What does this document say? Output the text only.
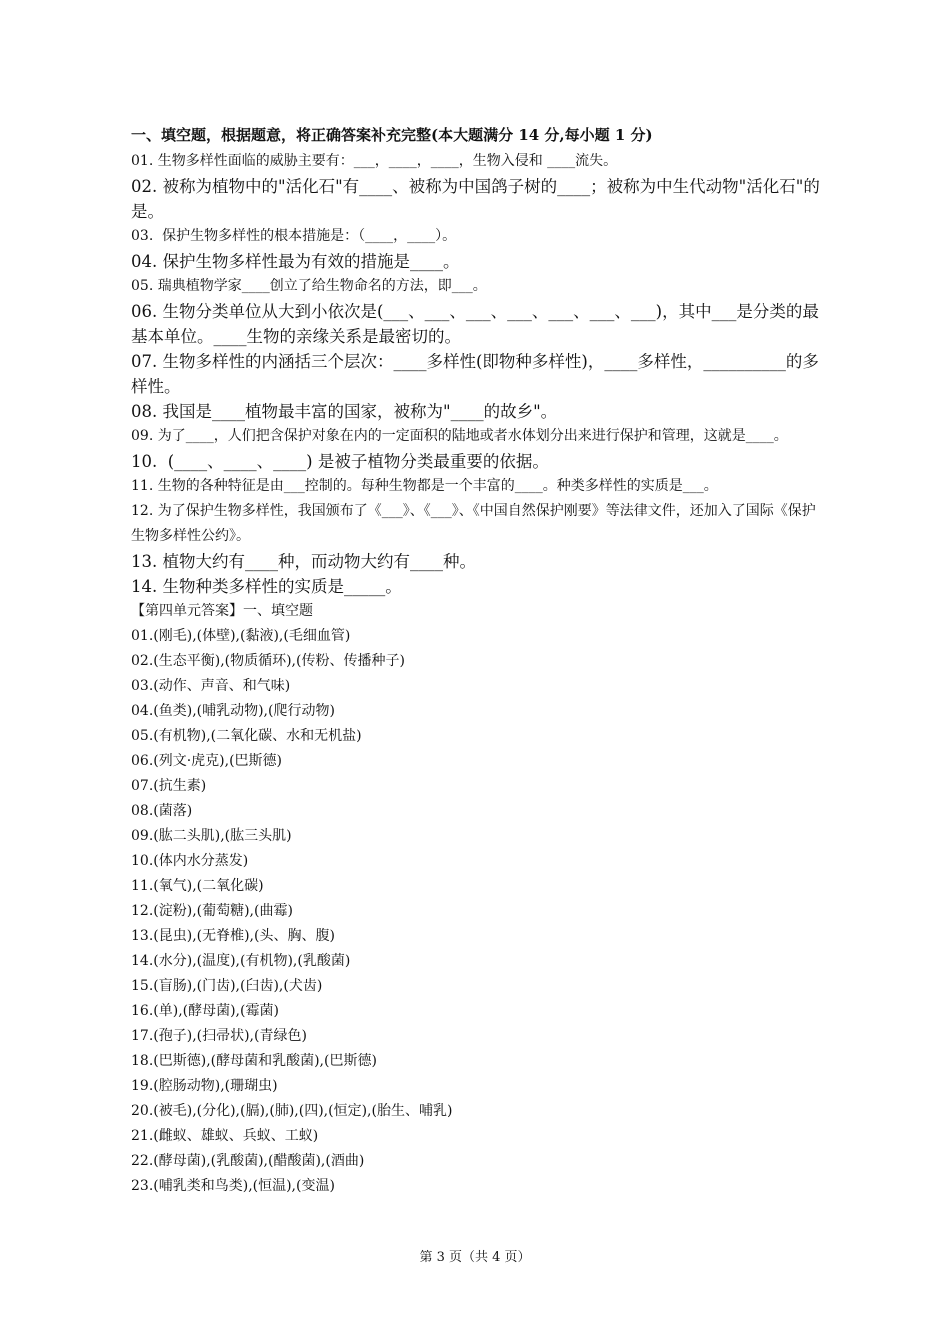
一、填空题，根据题意，将正确答案补充完整(本大题满分 14 分,每小题 1 分)
01. 生物多样性面临的威胁主要有：___，____，____，生物入侵和 ____流失。
02. 被称为植物中的"活化石"有____、被称为中国鸽子树的____；被称为中生代动物"活化石"的是。
03.  保护生物多样性的根本措施是：（____，____）。
04. 保护生物多样性最为有效的措施是____。
05. 瑞典植物学家____创立了给生物命名的方法，即___。
06. 生物分类单位从大到小依次是(___、___、___、___、___、___、___)，其中___是分类的最基本单位。____生物的亲缘关系是最密切的。
07. 生物多样性的内涵括三个层次：____多样性(即物种多样性)，____多样性，__________的多样性。
08. 我国是____植物最丰富的国家，被称为"____的故乡"。
09. 为了____，人们把含保护对象在内的一定面积的陆地或者水体划分出来进行保护和管理，这就是____。
10.  (____、____、____) 是被子植物分类最重要的依据。
11. 生物的各种特征是由___控制的。每种生物都是一个丰富的____。种类多样性的实质是___。
12. 为了保护生物多样性，我国颁布了《___》、《___》、《中国自然保护刚要》等法律文件，还加入了国际《保护生物多样性公约》。
13. 植物大约有____种，而动物大约有____种。
14. 生物种类多样性的实质是_____。
【第四单元答案】一、填空题
01.(刚毛),(体壁),(黏液),(毛细血管)
02.(生态平衡),(物质循环),(传粉、传播种子)
03.(动作、声音、和气味)
04.(鱼类),(哺乳动物),(爬行动物)
05.(有机物),(二氧化碳、水和无机盐)
06.(列文·虎克),(巴斯德)
07.(抗生素)
08.(菌落)
09.(肱二头肌),(肱三头肌)
10.(体内水分蒸发)
11.(氧气),(二氧化碳)
12.(淀粉),(葡萄糖),(曲霉)
13.(昆虫),(无脊椎),(头、胸、腹)
14.(水分),(温度),(有机物),(乳酸菌)
15.(盲肠),(门齿),(臼齿),(犬齿)
16.(单),(酵母菌),(霉菌)
17.(孢子),(扫帚状),(青绿色)
18.(巴斯德),(酵母菌和乳酸菌),(巴斯德)
19.(腔肠动物),(珊瑚虫)
20.(被毛),(分化),(膈),(肺),(四),(恒定),(胎生、哺乳)
21.(雌蚁、雄蚁、兵蚁、工蚁)
22.(酵母菌),(乳酸菌),(醋酸菌),(酒曲)
23.(哺乳类和鸟类),(恒温),(变温)
第 3 页（共 4 页）
